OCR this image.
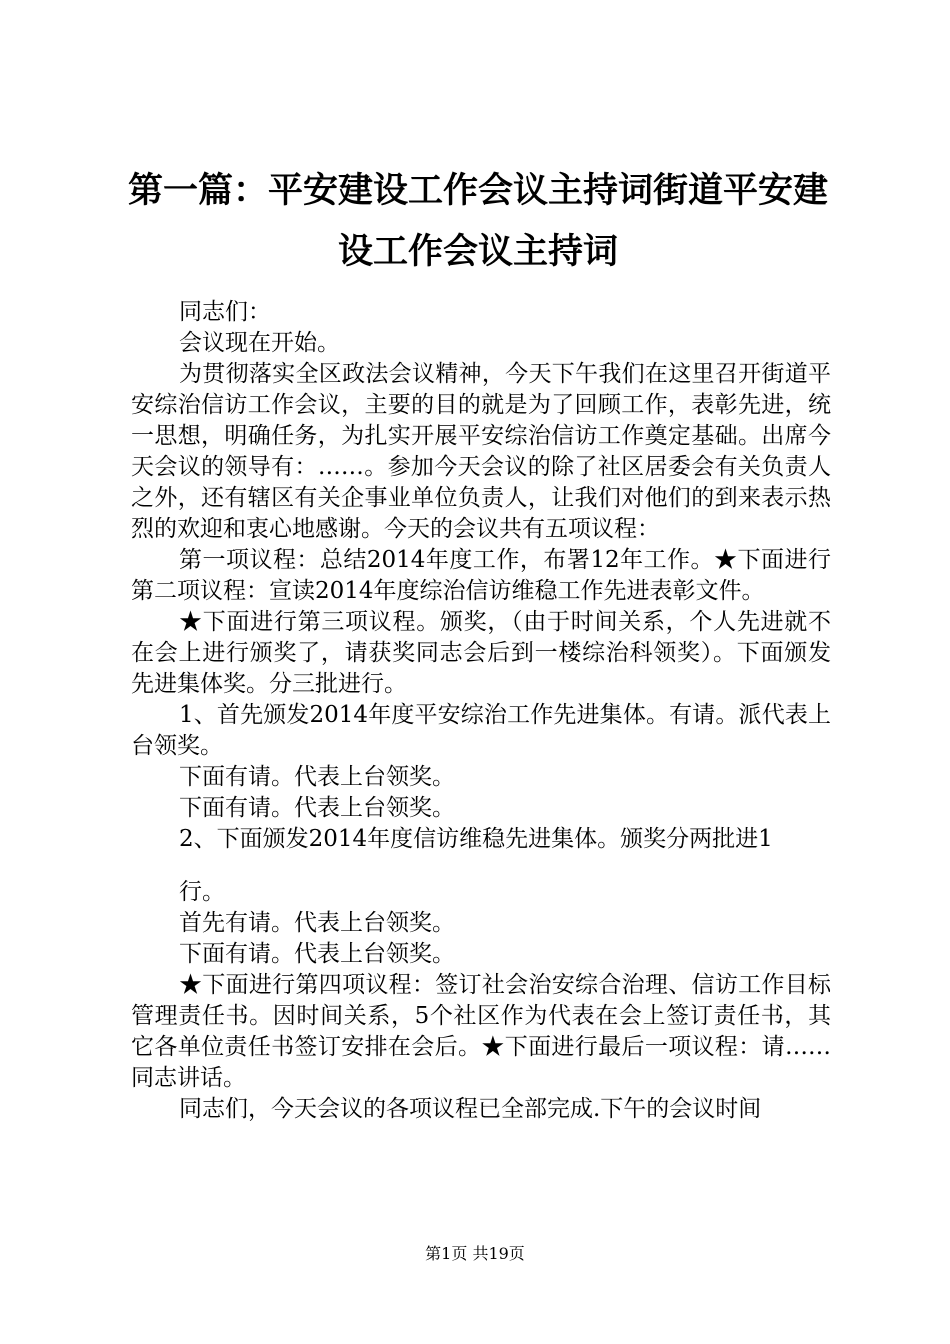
第一篇：平安建设工作会议主持词街道平安建
设工作会议主持词

同志们：

会议现在开始。

为贯彻落实全区政法会议精神，今天下午我们在这里召开街道平安综治信访工作会议，主要的目的就是为了回顾工作，表彰先进，统一思想，明确任务，为扎实开展平安综治信访工作奠定基础。出席今天会议的领导有：……。参加今天会议的除了社区居委会有关负责人之外，还有辖区有关企事业单位负责人，让我们对他们的到来表示热烈的欢迎和衷心地感谢。今天的会议共有五项议程：

第一项议程：总结2014年度工作，布署12年工作。★下面进行第二项议程：宣读2014年度综治信访维稳工作先进表彰文件。

★下面进行第三项议程。颁奖，（由于时间关系，个人先进就不在会上进行颁奖了，请获奖同志会后到一楼综治科领奖）。下面颁发先进集体奖。分三批进行。

1、首先颁发2014年度平安综治工作先进集体。有请。派代表上台领奖。

下面有请。代表上台领奖。

下面有请。代表上台领奖。

2、下面颁发2014年度信访维稳先进集体。颁奖分两批进1

行。

首先有请。代表上台领奖。

下面有请。代表上台领奖。

★下面进行第四项议程：签订社会治安综合治理、信访工作目标管理责任书。因时间关系，5个社区作为代表在会上签订责任书，其它各单位责任书签订安排在会后。★下面进行最后一项议程：请……同志讲话。

同志们，今天会议的各项议程已全部完成.下午的会议时间

第1页 共19页
